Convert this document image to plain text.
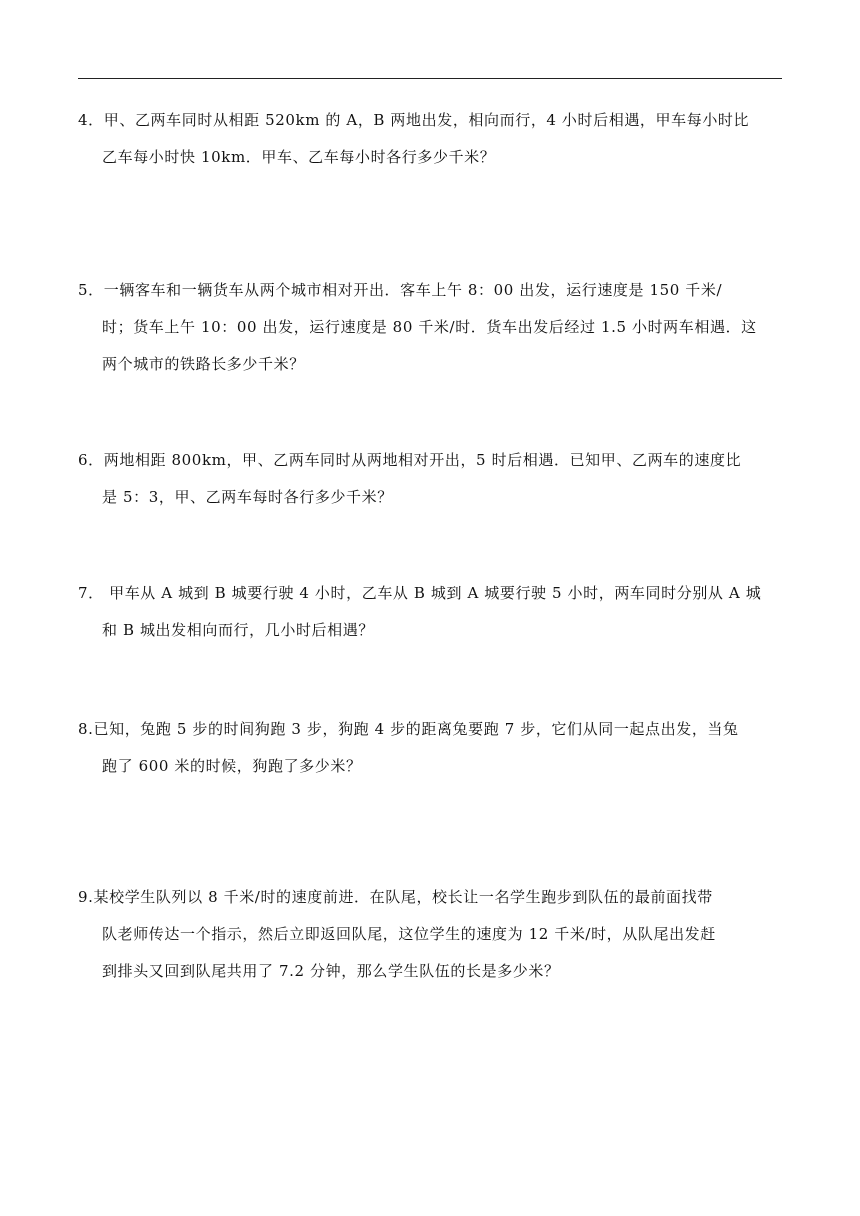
4．甲、乙两车同时从相距 520km 的 A，B 两地出发，相向而行，4 小时后相遇，甲车每小时比
乙车每小时快 10km．甲车、乙车每小时各行多少千米？
5．一辆客车和一辆货车从两个城市相对开出．客车上午 8：00 出发，运行速度是 150 千米/
时；货车上午 10：00 出发，运行速度是 80 千米/时．货车出发后经过 1.5 小时两车相遇．这
两个城市的铁路长多少千米？
6．两地相距 800km，甲、乙两车同时从两地相对开出，5 时后相遇．已知甲、乙两车的速度比
是 5：3，甲、乙两车每时各行多少千米？
7． 甲车从 A 城到 B 城要行驶 4 小时，乙车从 B 城到 A 城要行驶 5 小时，两车同时分别从 A 城
和 B 城出发相向而行，几小时后相遇？
8.已知，兔跑 5 步的时间狗跑 3 步，狗跑 4 步的距离兔要跑 7 步，它们从同一起点出发，当兔
跑了 600 米的时候，狗跑了多少米？
9.某校学生队列以 8 千米/时的速度前进．在队尾，校长让一名学生跑步到队伍的最前面找带
队老师传达一个指示，然后立即返回队尾，这位学生的速度为 12 千米/时，从队尾出发赶
到排头又回到队尾共用了 7.2 分钟，那么学生队伍的长是多少米？
